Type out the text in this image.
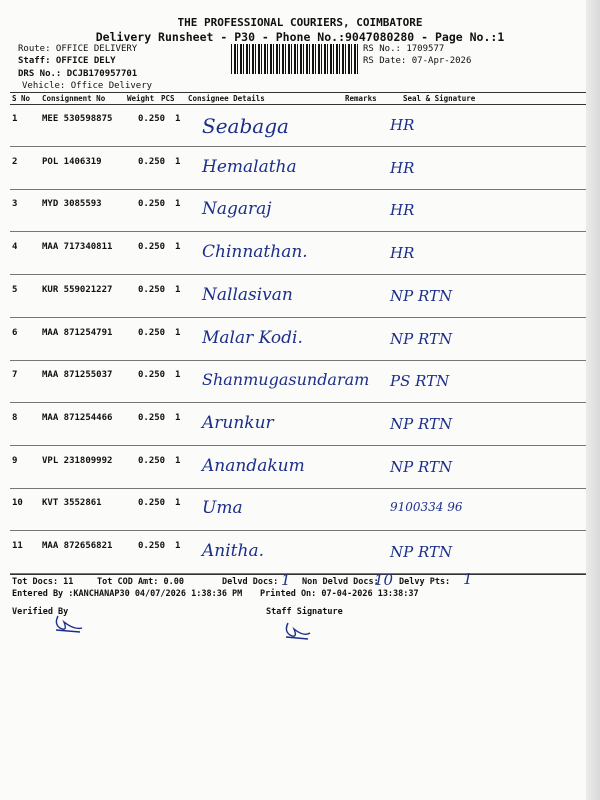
THE PROFESSIONAL COURIERS, COIMBATORE
Delivery Runsheet - P30 - Phone No.:9047080280 - Page No.:1
Route: OFFICE DELIVERY
Staff: OFFICE DELY
DRS No.: DCJB170957701
Vehicle: Office Delivery
RS No.: 1709577
RS Date: 07-Apr-2026
S No Consignment No	Weight PCS Consignee Details	Remarks	Seal & Signature
1	MEE 530598875	0.250 1 Seabaga	HR
2	POL 1406319	0.250 1 Hemalatha	HR
3	MYD 3085593	0.250 1 Nagaraj	HR
4	MAA 717340811	0.250 1 Chinnathan.	HR
5	KUR 559021227	0.250 1 Nallasivan	NP RTN
6	MAA 871254791	0.250 1 Malar Kodi.	NP RTN
7	MAA 871255037	0.250 1 Shanmugasundaram PS RTN
8	MAA 871254466	0.250 1 Arunkur	NP RTN
9	VPL 231809992	0.250 1 Anandakum	NP RTN
10 KVT 3552861	0.250 1 Uma	9100334 96
11 MAA 872656821	0.250 1 Anitha.	NP RTN
Tot Docs: 11	Tot COD Amt: 0.00	Delvd Docs: 1 Non Delvd Docs:
10 Delvy Pts: 1
Entered By :KANCHANAP30 04/07/2026 1:38:36 PM Printed On: 07-04-2026 13:38:37
Verified By	Staff Signature
